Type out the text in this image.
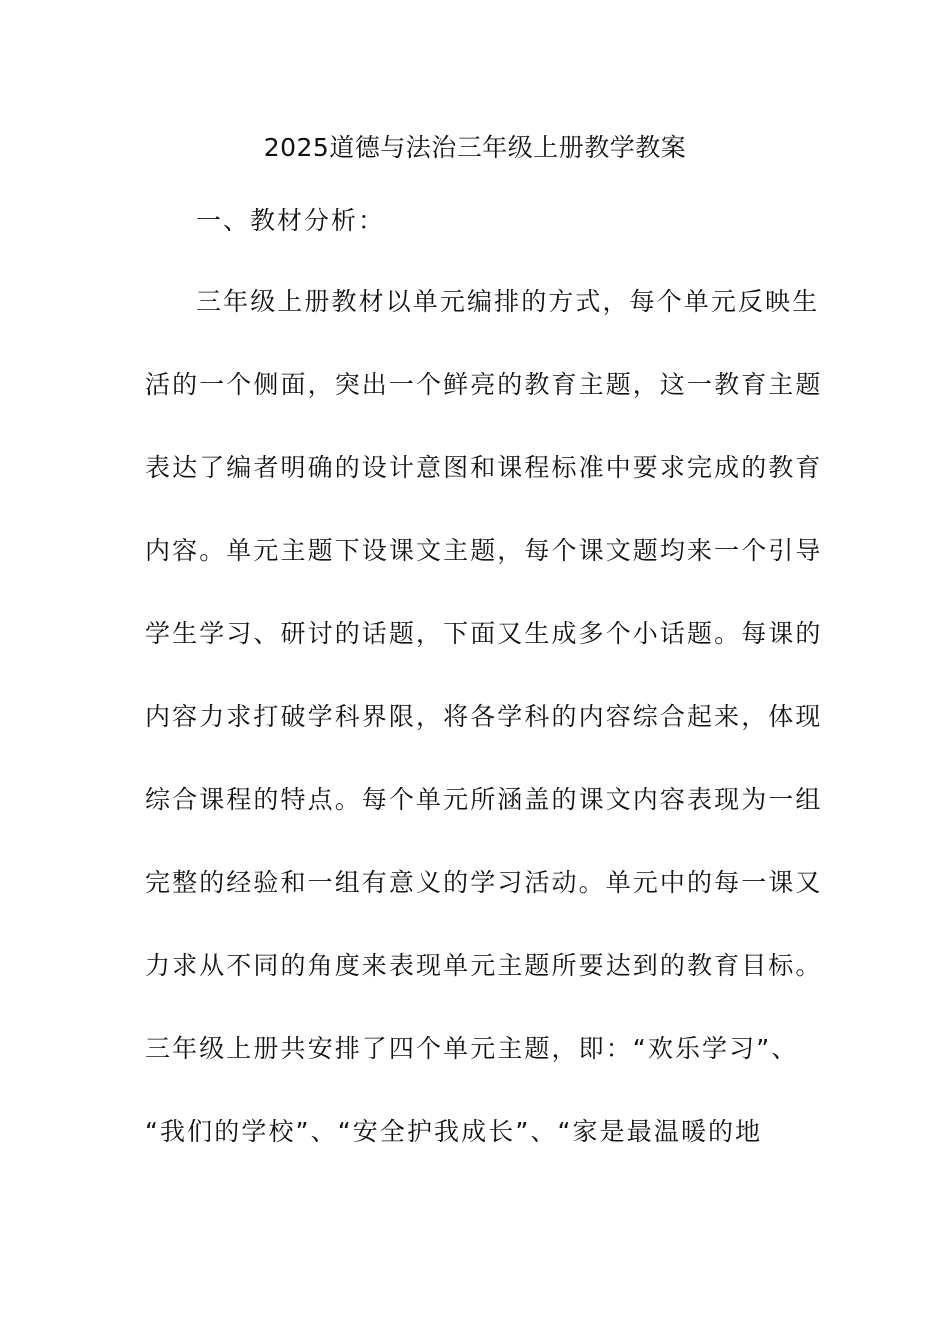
2025道德与法治三年级上册教学教案
一、教材分析：
三年级上册教材以单元编排的方式，每个单元反映生
活的一个侧面，突出一个鲜亮的教育主题，这一教育主题
表达了编者明确的设计意图和课程标准中要求完成的教育
内容。单元主题下设课文主题，每个课文题均来一个引导
学生学习、研讨的话题，下面又生成多个小话题。每课的
内容力求打破学科界限，将各学科的内容综合起来，体现
综合课程的特点。每个单元所涵盖的课文内容表现为一组
完整的经验和一组有意义的学习活动。单元中的每一课又
力求从不同的角度来表现单元主题所要达到的教育目标。
三年级上册共安排了四个单元主题，即：“欢乐学习”、
“我们的学校”、“安全护我成长”、“家是最温暖的地
